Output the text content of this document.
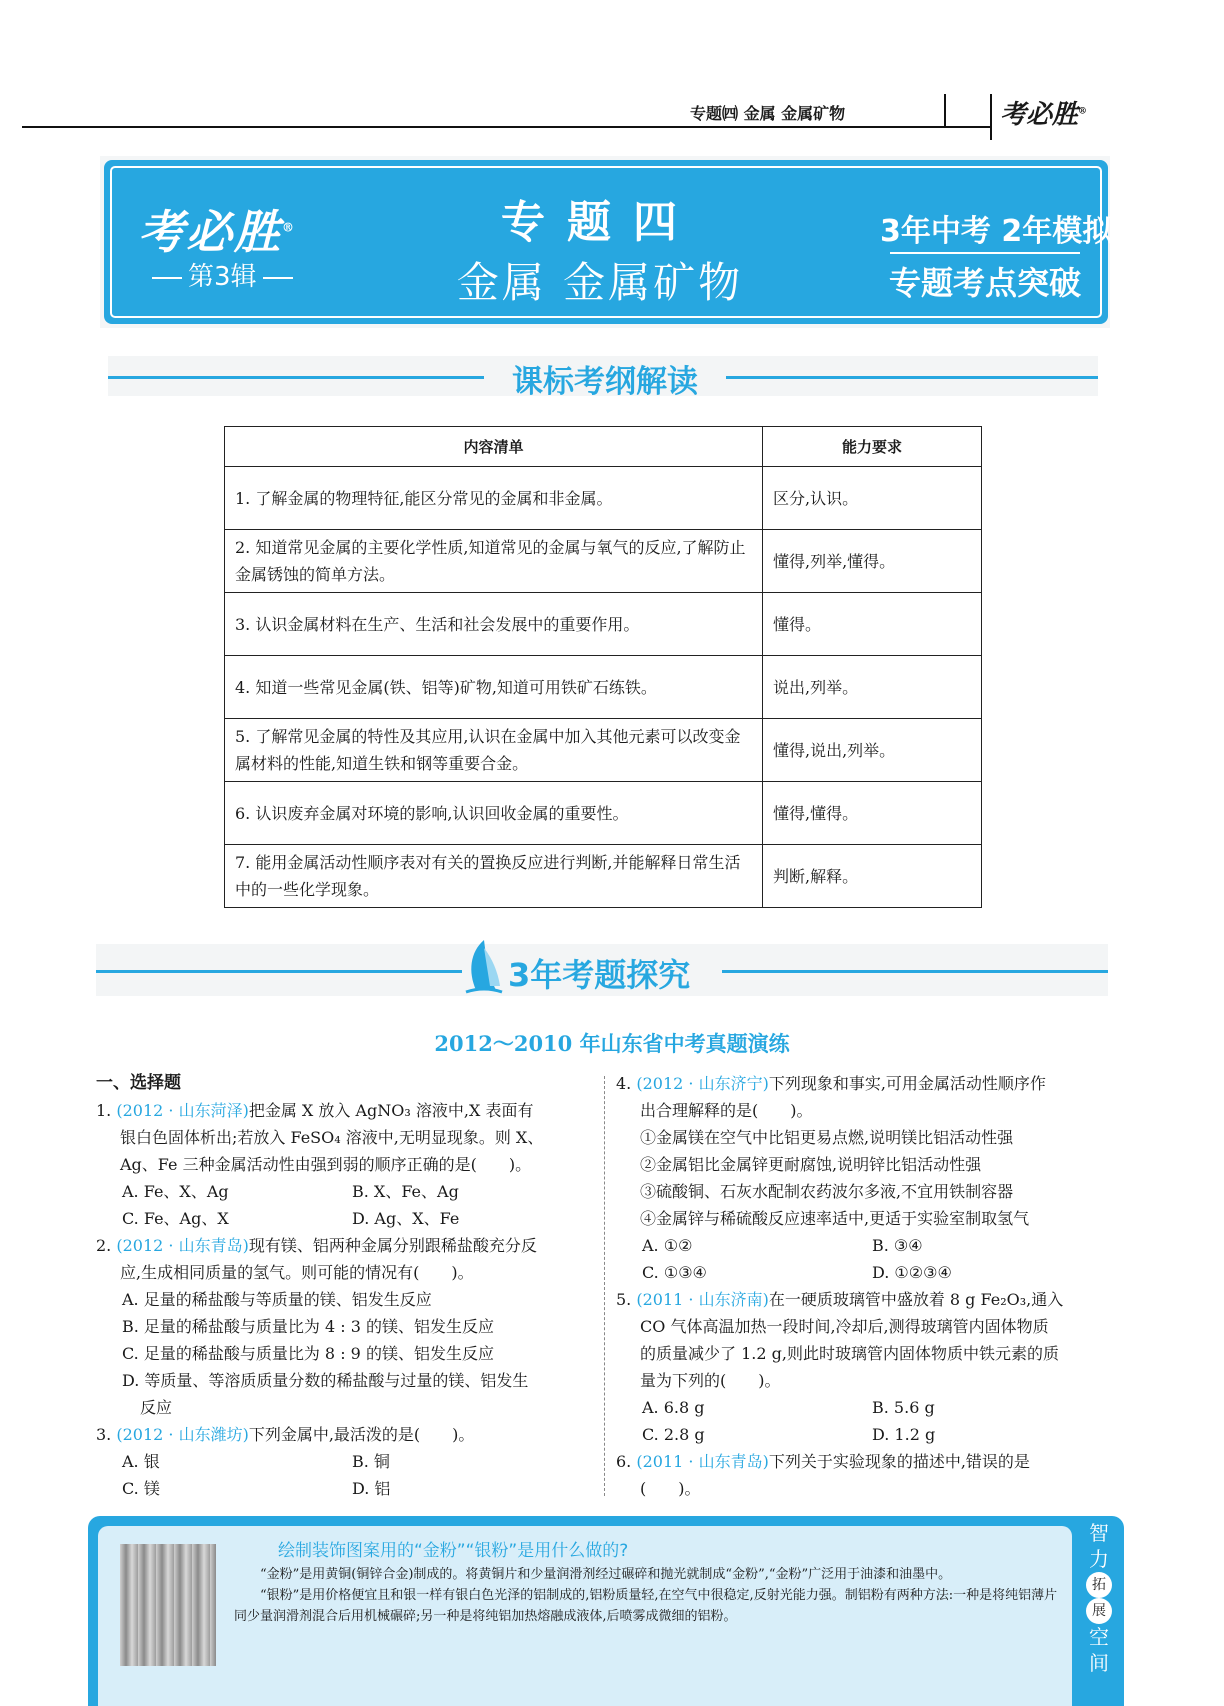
专题㈣ 金属 金属矿物	考必胜®
考必胜®
第3辑
专题四
金属 金属矿物
3年中考 2年模拟
专题考点突破
课标考纲解读
内容清单	能力要求
1. 了解金属的物理特征,能区分常见的金属和非金属。	区分,认识。
2. 知道常见金属的主要化学性质,知道常见的金属与氧气的反应,了解防止金属锈蚀的简单方法。	懂得,列举,懂得。
3. 认识金属材料在生产、生活和社会发展中的重要作用。	懂得。
4. 知道一些常见金属(铁、铝等)矿物,知道可用铁矿石练铁。	说出,列举。
5. 了解常见金属的特性及其应用,认识在金属中加入其他元素可以改变金属材料的性能,知道生铁和钢等重要合金。	懂得,说出,列举。
6. 认识废弃金属对环境的影响,认识回收金属的重要性。	懂得,懂得。
7. 能用金属活动性顺序表对有关的置换反应进行判断,并能解释日常生活中的一些化学现象。	判断,解释。
3年考题探究
2012～2010 年山东省中考真题演练

一、选择题

1. (2012 · 山东菏泽)把金属 X 放入 AgNO₃ 溶液中,X 表面有

银白色固体析出;若放入 FeSO₄ 溶液中,无明显现象。则 X、

Ag、Fe 三种金属活动性由强到弱的顺序正确的是(　　)。

A. Fe、X、Ag	B. X、Fe、Ag

C. Fe、Ag、X	D. Ag、X、Fe

2. (2012 · 山东青岛)现有镁、铝两种金属分别跟稀盐酸充分反

应,生成相同质量的氢气。则可能的情况有(　　)。

A. 足量的稀盐酸与等质量的镁、铝发生反应

B. 足量的稀盐酸与质量比为 4 : 3 的镁、铝发生反应

C. 足量的稀盐酸与质量比为 8 : 9 的镁、铝发生反应

D. 等质量、等溶质质量分数的稀盐酸与过量的镁、铝发生

反应

3. (2012 · 山东潍坊)下列金属中,最活泼的是(　　)。

A. 银	B. 铜

C. 镁	D. 铝

4. (2012 · 山东济宁)下列现象和事实,可用金属活动性顺序作

出合理解释的是(　　)。

①金属镁在空气中比铝更易点燃,说明镁比铝活动性强

②金属铝比金属锌更耐腐蚀,说明锌比铝活动性强

③硫酸铜、石灰水配制农药波尔多液,不宜用铁制容器

④金属锌与稀硫酸反应速率适中,更适于实验室制取氢气

A. ①②	B. ③④

C. ①③④	D. ①②③④

5. (2011 · 山东济南)在一硬质玻璃管中盛放着 8 g Fe₂O₃,通入

CO 气体高温加热一段时间,冷却后,测得玻璃管内固体物质

的质量减少了 1.2 g,则此时玻璃管内固体物质中铁元素的质

量为下列的(　　)。

A. 6.8 g	B. 5.6 g

C. 2.8 g	D. 1.2 g

6. (2011 · 山东青岛)下列关于实验现象的描述中,错误的是

(　　)。

绘制装饰图案用的“金粉”“银粉”是用什么做的?

“金粉”是用黄铜(铜锌合金)制成的。将黄铜片和少量润滑剂经过碾碎和抛光就制成“金粉”,“金粉”广泛用于油漆和油墨中。

“银粉”是用价格便宜且和银一样有银白色光泽的铝制成的,铝粉质量轻,在空气中很稳定,反射光能力强。制铝粉有两种方法:一种是将纯铝薄片同少量润滑剂混合后用机械碾碎;另一种是将纯铝加热熔融成液体,后喷雾成微细的铝粉。

智
力
拓
展
空
间
